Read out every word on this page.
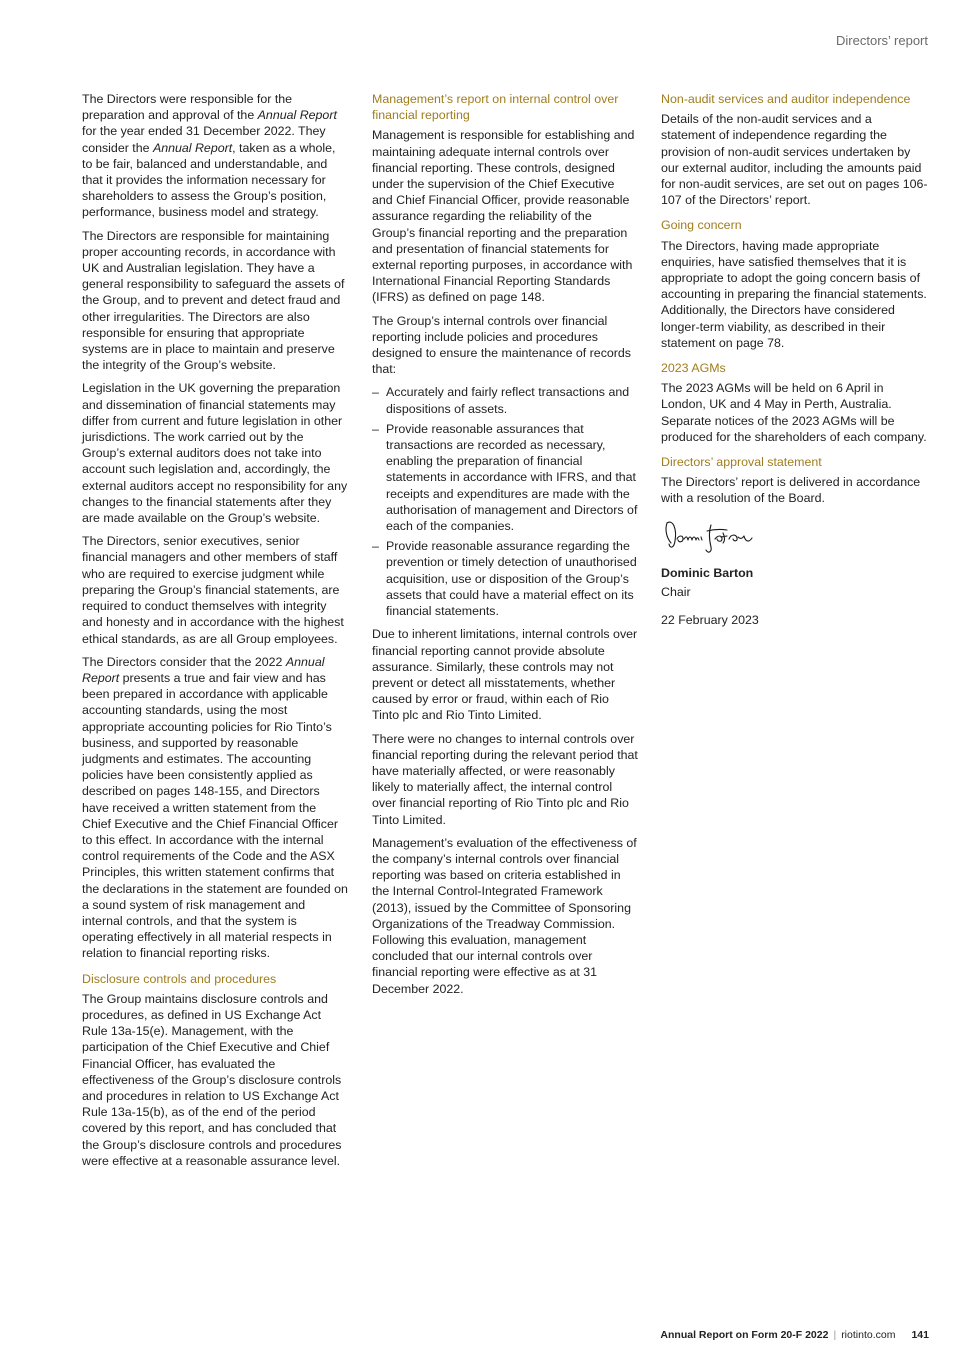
Directors’ report

The Directors were responsible for the preparation and approval of the Annual Report for the year ended 31 December 2022. They consider the Annual Report, taken as a whole, to be fair, balanced and understandable, and that it provides the information necessary for shareholders to assess the Group’s position, performance, business model and strategy.

The Directors are responsible for maintaining proper accounting records, in accordance with UK and Australian legislation. They have a general responsibility to safeguard the assets of the Group, and to prevent and detect fraud and other irregularities. The Directors are also responsible for ensuring that appropriate systems are in place to maintain and preserve the integrity of the Group’s website.

Legislation in the UK governing the preparation and dissemination of financial statements may differ from current and future legislation in other jurisdictions. The work carried out by the Group’s external auditors does not take into account such legislation and, accordingly, the external auditors accept no responsibility for any changes to the financial statements after they are made available on the Group’s website.

The Directors, senior executives, senior financial managers and other members of staff who are required to exercise judgment while preparing the Group’s financial statements, are required to conduct themselves with integrity and honesty and in accordance with the highest ethical standards, as are all Group employees.

The Directors consider that the 2022 Annual Report presents a true and fair view and has been prepared in accordance with applicable accounting standards, using the most appropriate accounting policies for Rio Tinto’s business, and supported by reasonable judgments and estimates. The accounting policies have been consistently applied as described on pages 148-155, and Directors have received a written statement from the Chief Executive and the Chief Financial Officer to this effect. In accordance with the internal control requirements of the Code and the ASX Principles, this written statement confirms that the declarations in the statement are founded on a sound system of risk management and internal controls, and that the system is operating effectively in all material respects in relation to financial reporting risks.

Disclosure controls and procedures

The Group maintains disclosure controls and procedures, as defined in US Exchange Act Rule 13a-15(e). Management, with the participation of the Chief Executive and Chief Financial Officer, has evaluated the effectiveness of the Group’s disclosure controls and procedures in relation to US Exchange Act Rule 13a-15(b), as of the end of the period covered by this report, and has concluded that the Group’s disclosure controls and procedures were effective at a reasonable assurance level.

Management’s report on internal control over financial reporting

Management is responsible for establishing and maintaining adequate internal controls over financial reporting. These controls, designed under the supervision of the Chief Executive and Chief Financial Officer, provide reasonable assurance regarding the reliability of the Group’s financial reporting and the preparation and presentation of financial statements for external reporting purposes, in accordance with International Financial Reporting Standards (IFRS) as defined on page 148.

The Group’s internal controls over financial reporting include policies and procedures designed to ensure the maintenance of records that:

– Accurately and fairly reflect transactions and dispositions of assets.
– Provide reasonable assurances that transactions are recorded as necessary, enabling the preparation of financial statements in accordance with IFRS, and that receipts and expenditures are made with the authorisation of management and Directors of each of the companies.
– Provide reasonable assurance regarding the prevention or timely detection of unauthorised acquisition, use or disposition of the Group’s assets that could have a material effect on its financial statements.

Due to inherent limitations, internal controls over financial reporting cannot provide absolute assurance. Similarly, these controls may not prevent or detect all misstatements, whether caused by error or fraud, within each of Rio Tinto plc and Rio Tinto Limited.

There were no changes to internal controls over financial reporting during the relevant period that have materially affected, or were reasonably likely to materially affect, the internal control over financial reporting of Rio Tinto plc and Rio Tinto Limited.

Management’s evaluation of the effectiveness of the company’s internal controls over financial reporting was based on criteria established in the Internal Control-Integrated Framework (2013), issued by the Committee of Sponsoring Organizations of the Treadway Commission. Following this evaluation, management concluded that our internal controls over financial reporting were effective as at 31 December 2022.

Non-audit services and auditor independence

Details of the non-audit services and a statement of independence regarding the provision of non-audit services undertaken by our external auditor, including the amounts paid for non-audit services, are set out on pages 106-107 of the Directors’ report.

Going concern

The Directors, having made appropriate enquiries, have satisfied themselves that it is appropriate to adopt the going concern basis of accounting in preparing the financial statements. Additionally, the Directors have considered longer-term viability, as described in their statement on page 78.

2023 AGMs

The 2023 AGMs will be held on 6 April in London, UK and 4 May in Perth, Australia. Separate notices of the 2023 AGMs will be produced for the shareholders of each company.

Directors’ approval statement

The Directors’ report is delivered in accordance with a resolution of the Board.

Dominic Barton

Chair

22 February 2023

Annual Report on Form 20-F 2022 | riotinto.com 141
